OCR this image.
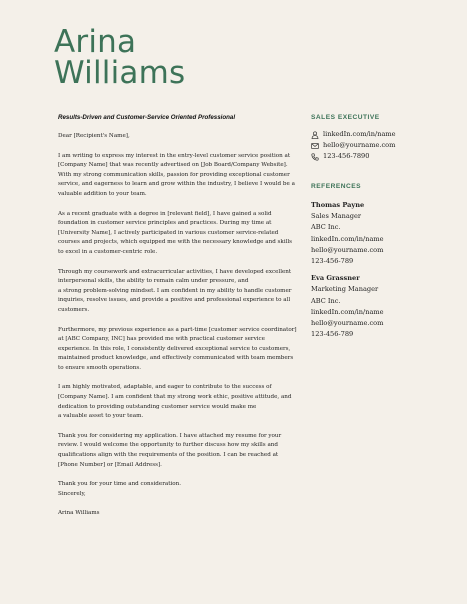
Arina
Williams
Results-Driven and Customer-Service Oriented Professional

Dear [Recipient's Name],

I am writing to express my interest in the entry-level customer service position at [Company Name] that was recently advertised on [Job Board/Company Website]. With my strong communication skills, passion for providing exceptional customer service, and eagerness to learn and grow within the industry, I believe I would be a valuable addition to your team.

As a recent graduate with a degree in [relevant field], I have gained a solid foundation in customer service principles and practices. During my time at [University Name], I actively participated in various customer service-related courses and projects, which equipped me with the necessary knowledge and skills to excel in a customer-centric role.

Through my coursework and extracurricular activities, I have developed excellent interpersonal skills, the ability to remain calm under pressure, and
a strong problem-solving mindset. I am confident in my ability to handle customer inquiries, resolve issues, and provide a positive and professional experience to all customers.

Furthermore, my previous experience as a part-time [customer service coordinator] at [ABC Company, INC] has provided me with practical customer service experience. In this role, I consistently delivered exceptional service to customers, maintained product knowledge, and effectively communicated with team members to ensure smooth operations.

I am highly motivated, adaptable, and eager to contribute to the success of [Company Name]. I am confident that my strong work ethic, positive attitude, and dedication to providing outstanding customer service would make me
a valuable asset to your team.

Thank you for considering my application. I have attached my resume for your review. I would welcome the opportunity to further discuss how my skills and qualifications align with the requirements of the position. I can be reached at [Phone Number] or [Email Address].

Thank you for your time and consideration.

Sincerely,

Arina Williams

SALES EXECUTIVE
linkedIn.com/in/name
hello@yourname.com
123-456-7890
REFERENCES
Thomas Payne
Sales Manager
ABC Inc.
linkedIn.com/in/name
hello@yourname.com
123-456-789
Eva Grassner
Marketing Manager
ABC Inc.
linkedIn.com/in/name
hello@yourname.com
123-456-789
